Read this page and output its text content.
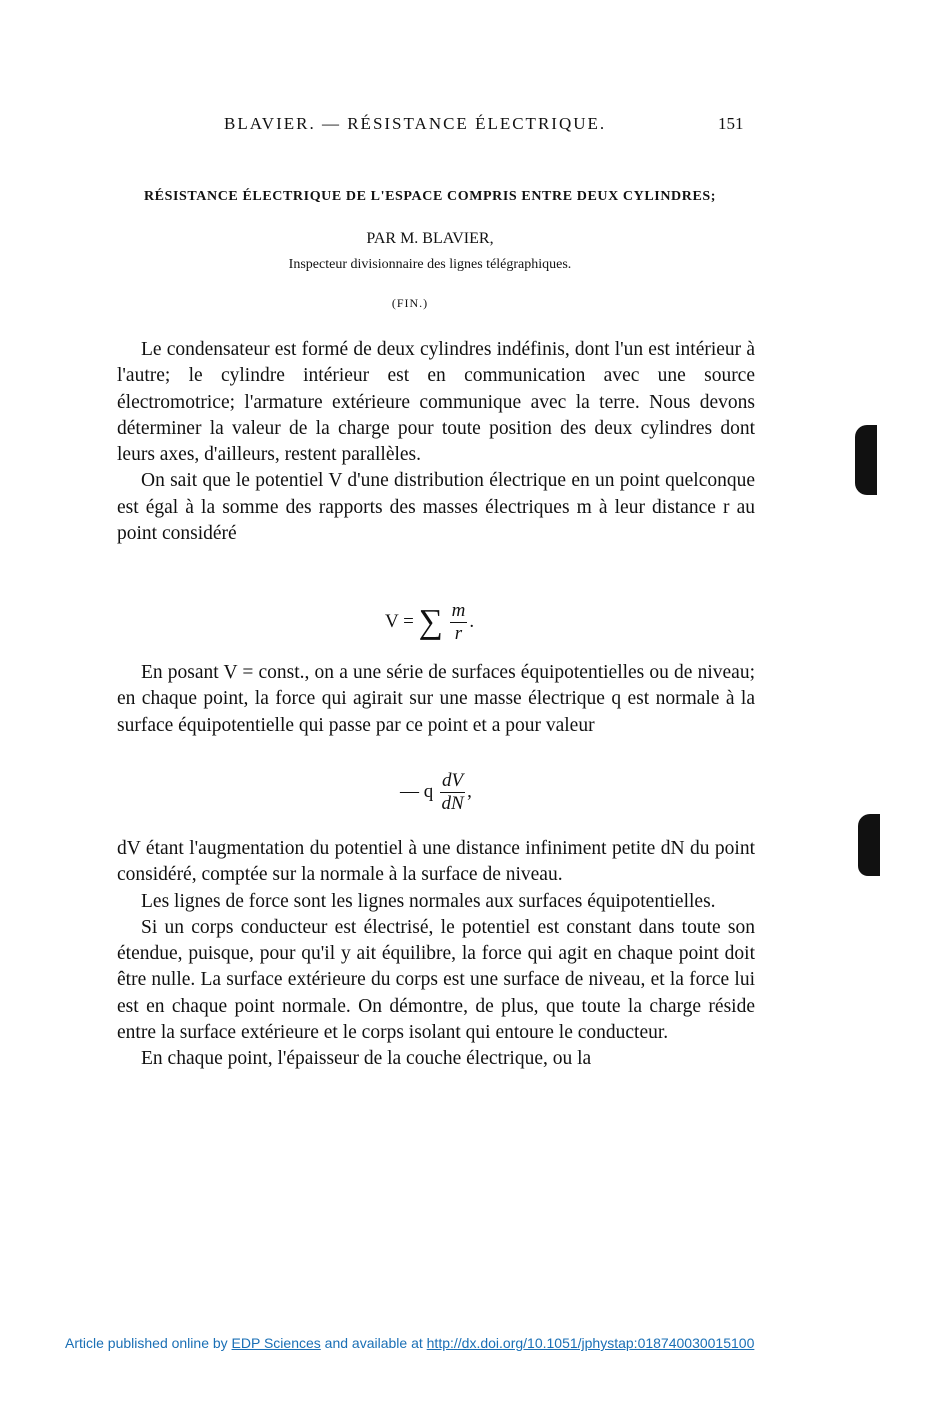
BLAVIER. — RÉSISTANCE ÉLECTRIQUE.	151
RÉSISTANCE ÉLECTRIQUE DE L'ESPACE COMPRIS ENTRE DEUX CYLINDRES;
PAR M. BLAVIER,
Inspecteur divisionnaire des lignes télégraphiques.
(FIN.)

Le condensateur est formé de deux cylindres indéfinis, dont l'un est intérieur à l'autre; le cylindre intérieur est en communication avec une source électromotrice; l'armature extérieure communique avec la terre. Nous devons déterminer la valeur de la charge pour toute position des deux cylindres dont leurs axes, d'ailleurs, restent parallèles.

On sait que le potentiel V d'une distribution électrique en un point quelconque est égal à la somme des rapports des masses électriques m à leur distance r au point considéré

V = ∑ $\frac{m}{r}$ .

En posant V = const., on a une série de surfaces équipotentielles ou de niveau; en chaque point, la force qui agirait sur une masse électrique q est normale à la surface équipotentielle qui passe par ce point et a pour valeur

— q $\frac{dV}{dN}$ ,

dV étant l'augmentation du potentiel à une distance infiniment petite dN du point considéré, comptée sur la normale à la surface de niveau.

Les lignes de force sont les lignes normales aux surfaces équipotentielles.

Si un corps conducteur est électrisé, le potentiel est constant dans toute son étendue, puisque, pour qu'il y ait équilibre, la force qui agit en chaque point doit être nulle. La surface extérieure du corps est une surface de niveau, et la force lui est en chaque point normale. On démontre, de plus, que toute la charge réside entre la surface extérieure et le corps isolant qui entoure le conducteur.

En chaque point, l'épaisseur de la couche électrique, ou la

Article published online by EDP Sciences and available at http://dx.doi.org/10.1051/jphystap:018740030015100
